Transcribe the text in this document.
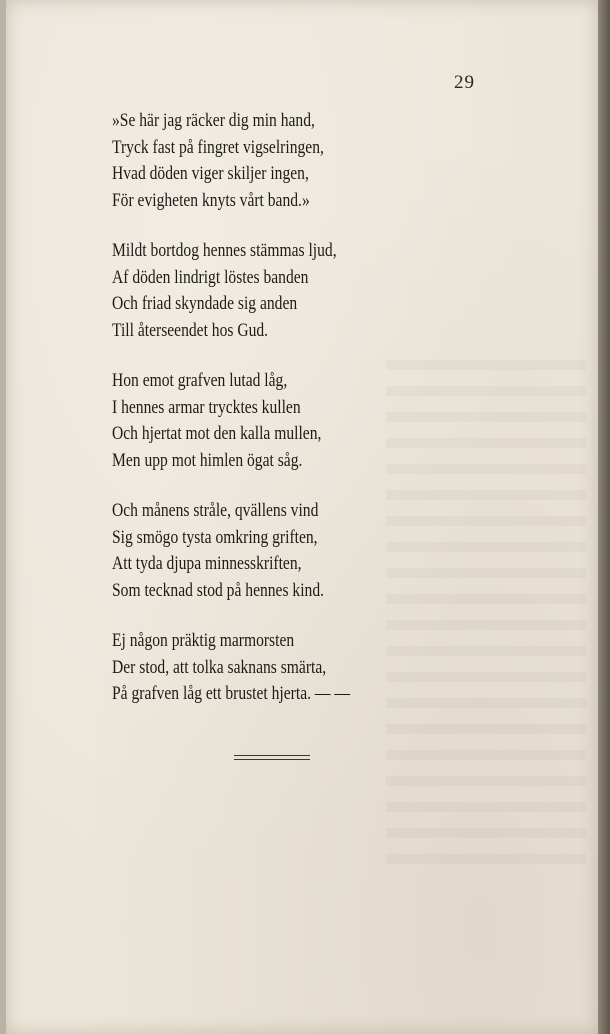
29
»Se här jag räcker dig min hand,
Tryck fast på fingret vigselringen,
Hvad döden viger skiljer ingen,
För evigheten knyts vårt band.»
Mildt bortdog hennes stämmas ljud,
Af döden lindrigt löstes banden
Och friad skyndade sig anden
Till återseendet hos Gud.
Hon emot grafven lutad låg,
I hennes armar trycktes kullen
Och hjertat mot den kalla mullen,
Men upp mot himlen ögat såg.
Och månens stråle, qvällens vind
Sig smögo tysta omkring griften,
Att tyda djupa minnesskriften,
Som tecknad stod på hennes kind.
Ej någon präktig marmorsten
Der stod, att tolka saknans smärta,
På grafven låg ett brustet hjerta. — —
